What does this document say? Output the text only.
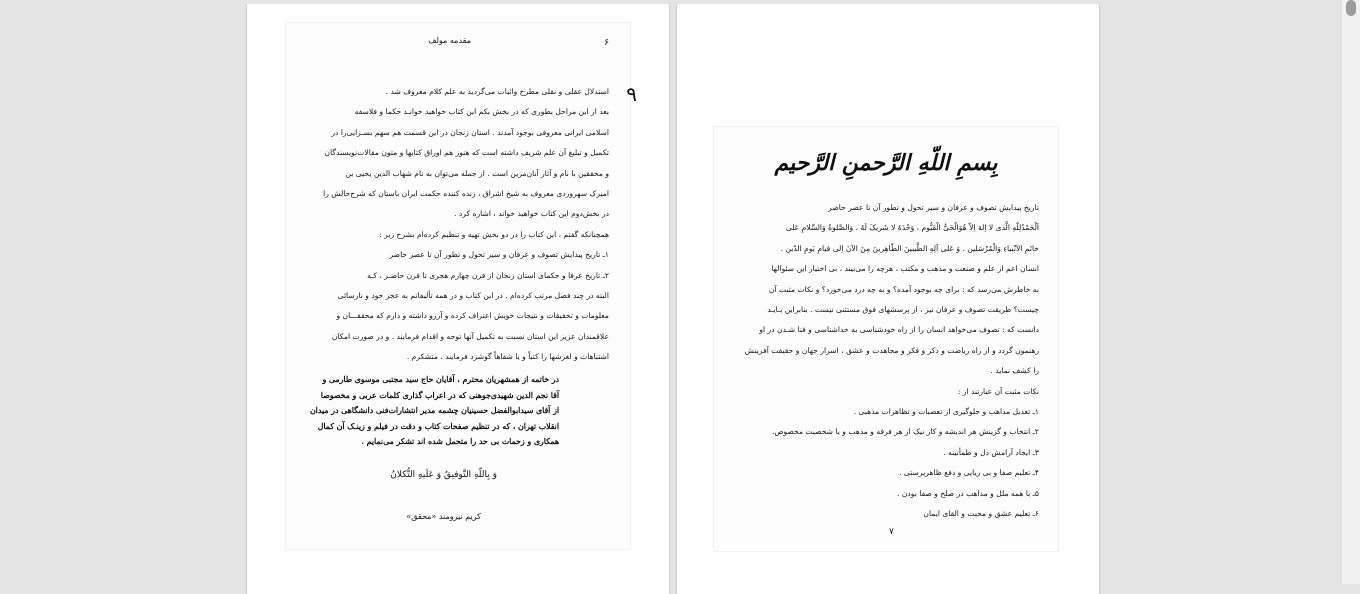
مقدمه مولف	۶
٩
استدلال عقلی و نقلی مطرح واثبات می‌گردید به علم کلام معروف شد .
بعد از این مراحل بطوری که در بخش یکم این کتاب خواهید خوانـد حکما و فلاسفه
اسلامی ایرانی معروفی بوجود آمدند . استان زنجان در این قسمت هم سهم بسـزایی‌را در
تکمیل و تبلیغ آن علم شریف داشته است که هنوز هم اوراق کتابها و متون مقالات‌نویسندگان
و محققین با نام و آثار آنان‌مزین است . از جمله می‌توان به نام شهاب الدین یحیی بن
امیرک سهروردی معروف به شیخ اشراق ، زنده کننده حکمت ایران باستان که شرح‌حالش را
در بخش‌دوم این کتاب خواهید خواند ، اشاره کرد .
همچنانکه گفتم ، این کتاب را در دو بخش تهیه و تنظیم کرده‌ام بشرح زیر :
۱ـ تاریخ پیدایش تصوف و عرفان و سیر تحول و تطور آن تا عصر حاضر
۲ـ تاریخ عرفا و حکمای استان زنجان از قرن چهارم هجری تا قرن حاضـر ، کـه
البته در چند فصل مرتب کرده‌ام . در این کتاب و در همه تألیفاتم به عجز خود و نارسائی
معلومات و تحقیقات و نتیجات خویش اعتراف کرده و آرزو داشته و دارم که محققـــان و
علاقمندان عزیز این استان نسبت به تکمیل آنها توجه و اقدام فرمایند . و در صورت امکان
اشتباهات و لغزشها را کتباً و یا شفاهاً گوشزد فرمایند . متشکرم .
در خاتمه از همشهریان محترم ، آقایان حاج سید مجتبی موسوی طارمی و
آقا نجم الدین شهیدی‌جوهنی که در اعراب گذاری کلمات عربی و مخصوصا
از آقای سیدابوالفضل حسینیان چشمه مدیر انتشارات‌فنی دانشگاهی در میدان
انقلاب تهران ، که در تنظیم صفحات کتاب و دقت در فیلم و زینـک آن کمال
همکاری و زحمات بی حد را متحمل شده اند تشکر می‌نمایم .
وَ بِاللّهِ التَّوفیقُ وَ عَلَیهِ التُّکلانُ
کریم نیرومند «محقق»
بِسمِ اللّهِ الرَّحمنِ الرَّحیم
تاریخ پیدایش تصوف و عرفان و سیر تحول و تطور آن تا عصر حاضر
اَلْحَمْدُلِلّهِ الَّذی لا اِلهَ اِلاّ هُوَالْحَیُّ الْقَیُّوم ، وَحْدَهُ لا شَریکَ لَهُ ، وَالصَّلوةُ وَالسَّلامِ عَلی
خاتَمِ الاَنْبیاءِ وَالْمُرْسَلین . وَ عَلی آلِهِ الطَّیبینَ الطّاهِرینَ مِنَ الآنَ اِلی قیامِ یَومِ الدّین .
انسان اعم از علم و صنعت و مذهب و مکتب ، هرچه را می‌بیند ، بی اختیار این سئوالها
به خاطرش می‌رسد که : برای چه بوجود آمده؟ و به چه درد می‌خورد؟ و نکات مثبت آن
چیست؟ طریقت تصوف و عرفان نیز ، از پرسشهای فوق مستثنی نیست . بنابراین بـایـد
دانست که : تصوف می‌خواهد انسان را از راه خودشناسی به خداشناسی و فنا شـدن در او
رهنمون گردد و از راه ریاضت و ذکر و فکر و مجاهدت و عشق ، اسرار جهان و حقیقت آفرینش
را کشف نماید .
نکات مثبت آن عبارتند از :
۱ـ تعدیل مذاهب و جلوگیری از تعصبات و تظاهرات مذهبی .
۲ـ انتخاب و گزینش هر اندیشه و کار نیک از هر فرقه و مذهب و یا شخصیت مخصوص.
۳ـ ایجاد آرامش دل و طمأنینه .
۴ـ تعلیم صفا و بی ریایی و دفع ظاهرپرستی .
۵ـ با همه ملل و مذاهب در صلح و صفا بودن .
۶ـ تعلیم عشق و محبت و القای ایمان
۷
